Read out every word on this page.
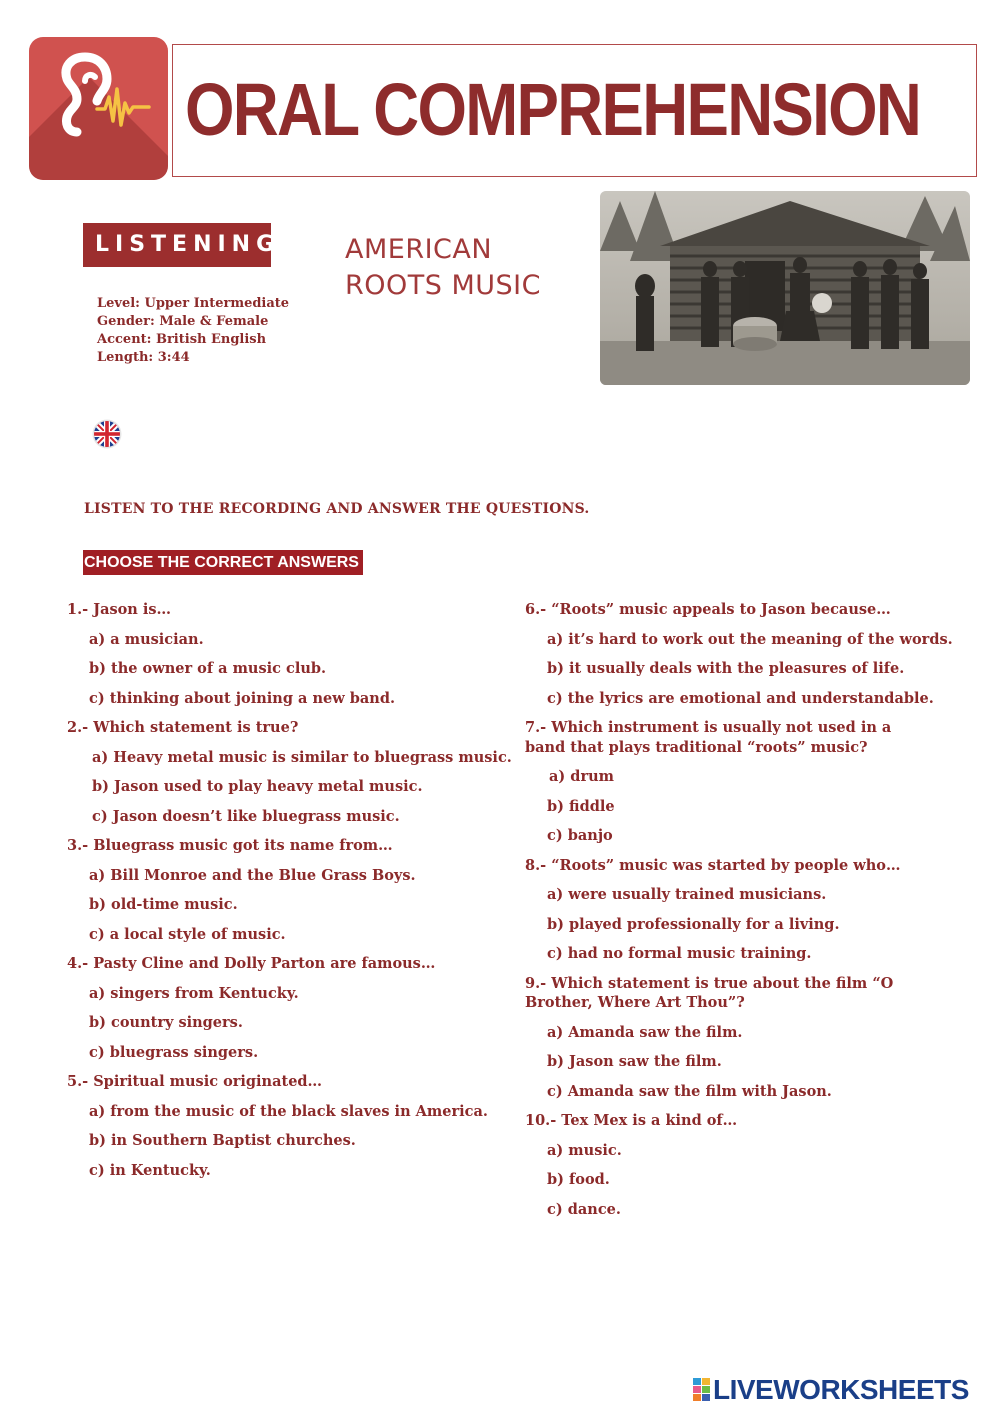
ORAL COMPREHENSION
LISTENING AMERICAN
ROOTS MUSIC
Level: Upper Intermediate
Gender: Male & Female
Accent: British English
Length: 3:44
LISTEN TO THE RECORDING AND ANSWER THE QUESTIONS.
CHOOSE THE CORRECT ANSWERS
1.- Jason is…
a) a musician.
b) the owner of a music club.
c) thinking about joining a new band.
2.- Which statement is true?
a) Heavy metal music is similar to bluegrass music.
b) Jason used to play heavy metal music.
c) Jason doesn’t like bluegrass music.
3.- Bluegrass music got its name from…
a) Bill Monroe and the Blue Grass Boys.
b) old-time music.
c) a local style of music.
4.- Pasty Cline and Dolly Parton are famous…
a) singers from Kentucky.
b) country singers.
c) bluegrass singers.
5.- Spiritual music originated…
a) from the music of the black slaves in America.
b) in Southern Baptist churches.
c) in Kentucky.
6.- “Roots” music appeals to Jason because…
a) it’s hard to work out the meaning of the words.
b) it usually deals with the pleasures of life.
c) the lyrics are emotional and understandable.
7.- Which instrument is usually not used in a band that plays traditional “roots” music?
a) drum
b) fiddle
c) banjo
8.- “Roots” music was started by people who…
a) were usually trained musicians.
b) played professionally for a living.
c) had no formal music training.
9.- Which statement is true about the film “O Brother, Where Art Thou”?
a) Amanda saw the film.
b) Jason saw the film.
c) Amanda saw the film with Jason.
10.- Tex Mex is a kind of…
a) music.
b) food.
c) dance.
LIVEWORKSHEETS
